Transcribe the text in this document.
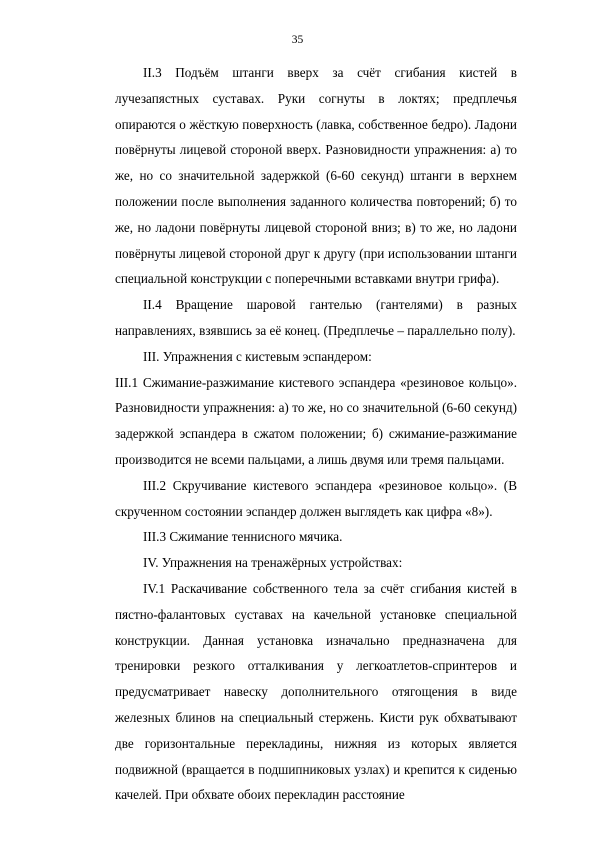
35

II.3 Подъём штанги вверх за счёт сгибания кистей в лучезапястных суставах. Руки согнуты в локтях; предплечья опираются о жёсткую поверхность (лавка, собственное бедро). Ладони повёрнуты лицевой стороной вверх. Разновидности упражнения: а) то же, но со значительной задержкой (6-60 секунд) штанги в верхнем положении после выполнения заданного количества повторений; б) то же, но ладони повёрнуты лицевой стороной вниз; в) то же, но ладони повёрнуты лицевой стороной друг к другу (при использовании штанги специальной конструкции с поперечными вставками внутри грифа).

II.4 Вращение шаровой гантелью (гантелями) в разных направлениях, взявшись за её конец. (Предплечье – параллельно полу).

III. Упражнения с кистевым эспандером:

III.1 Сжимание-разжимание кистевого эспандера «резиновое кольцо». Разновидности упражнения: а) то же, но со значительной (6-60 секунд) задержкой эспандера в сжатом положении; б) сжимание-разжимание производится не всеми пальцами, а лишь двумя или тремя пальцами.

III.2 Скручивание кистевого эспандера «резиновое кольцо». (В скрученном состоянии эспандер должен выглядеть как цифра «8»).

III.3 Сжимание теннисного мячика.

IV. Упражнения на тренажёрных устройствах:

IV.1 Раскачивание собственного тела за счёт сгибания кистей в пястно-фалантовых суставах на качельной установке специальной конструкции. Данная установка изначально предназначена для тренировки резкого отталкивания у легкоатлетов-спринтеров и предусматривает навеску дополнительного отягощения в виде железных блинов на специальный стержень. Кисти рук обхватывают две горизонтальные перекладины, нижняя из которых является подвижной (вращается в подшипниковых узлах) и крепится к сиденью качелей. При обхвате обоих перекладин расстояние
